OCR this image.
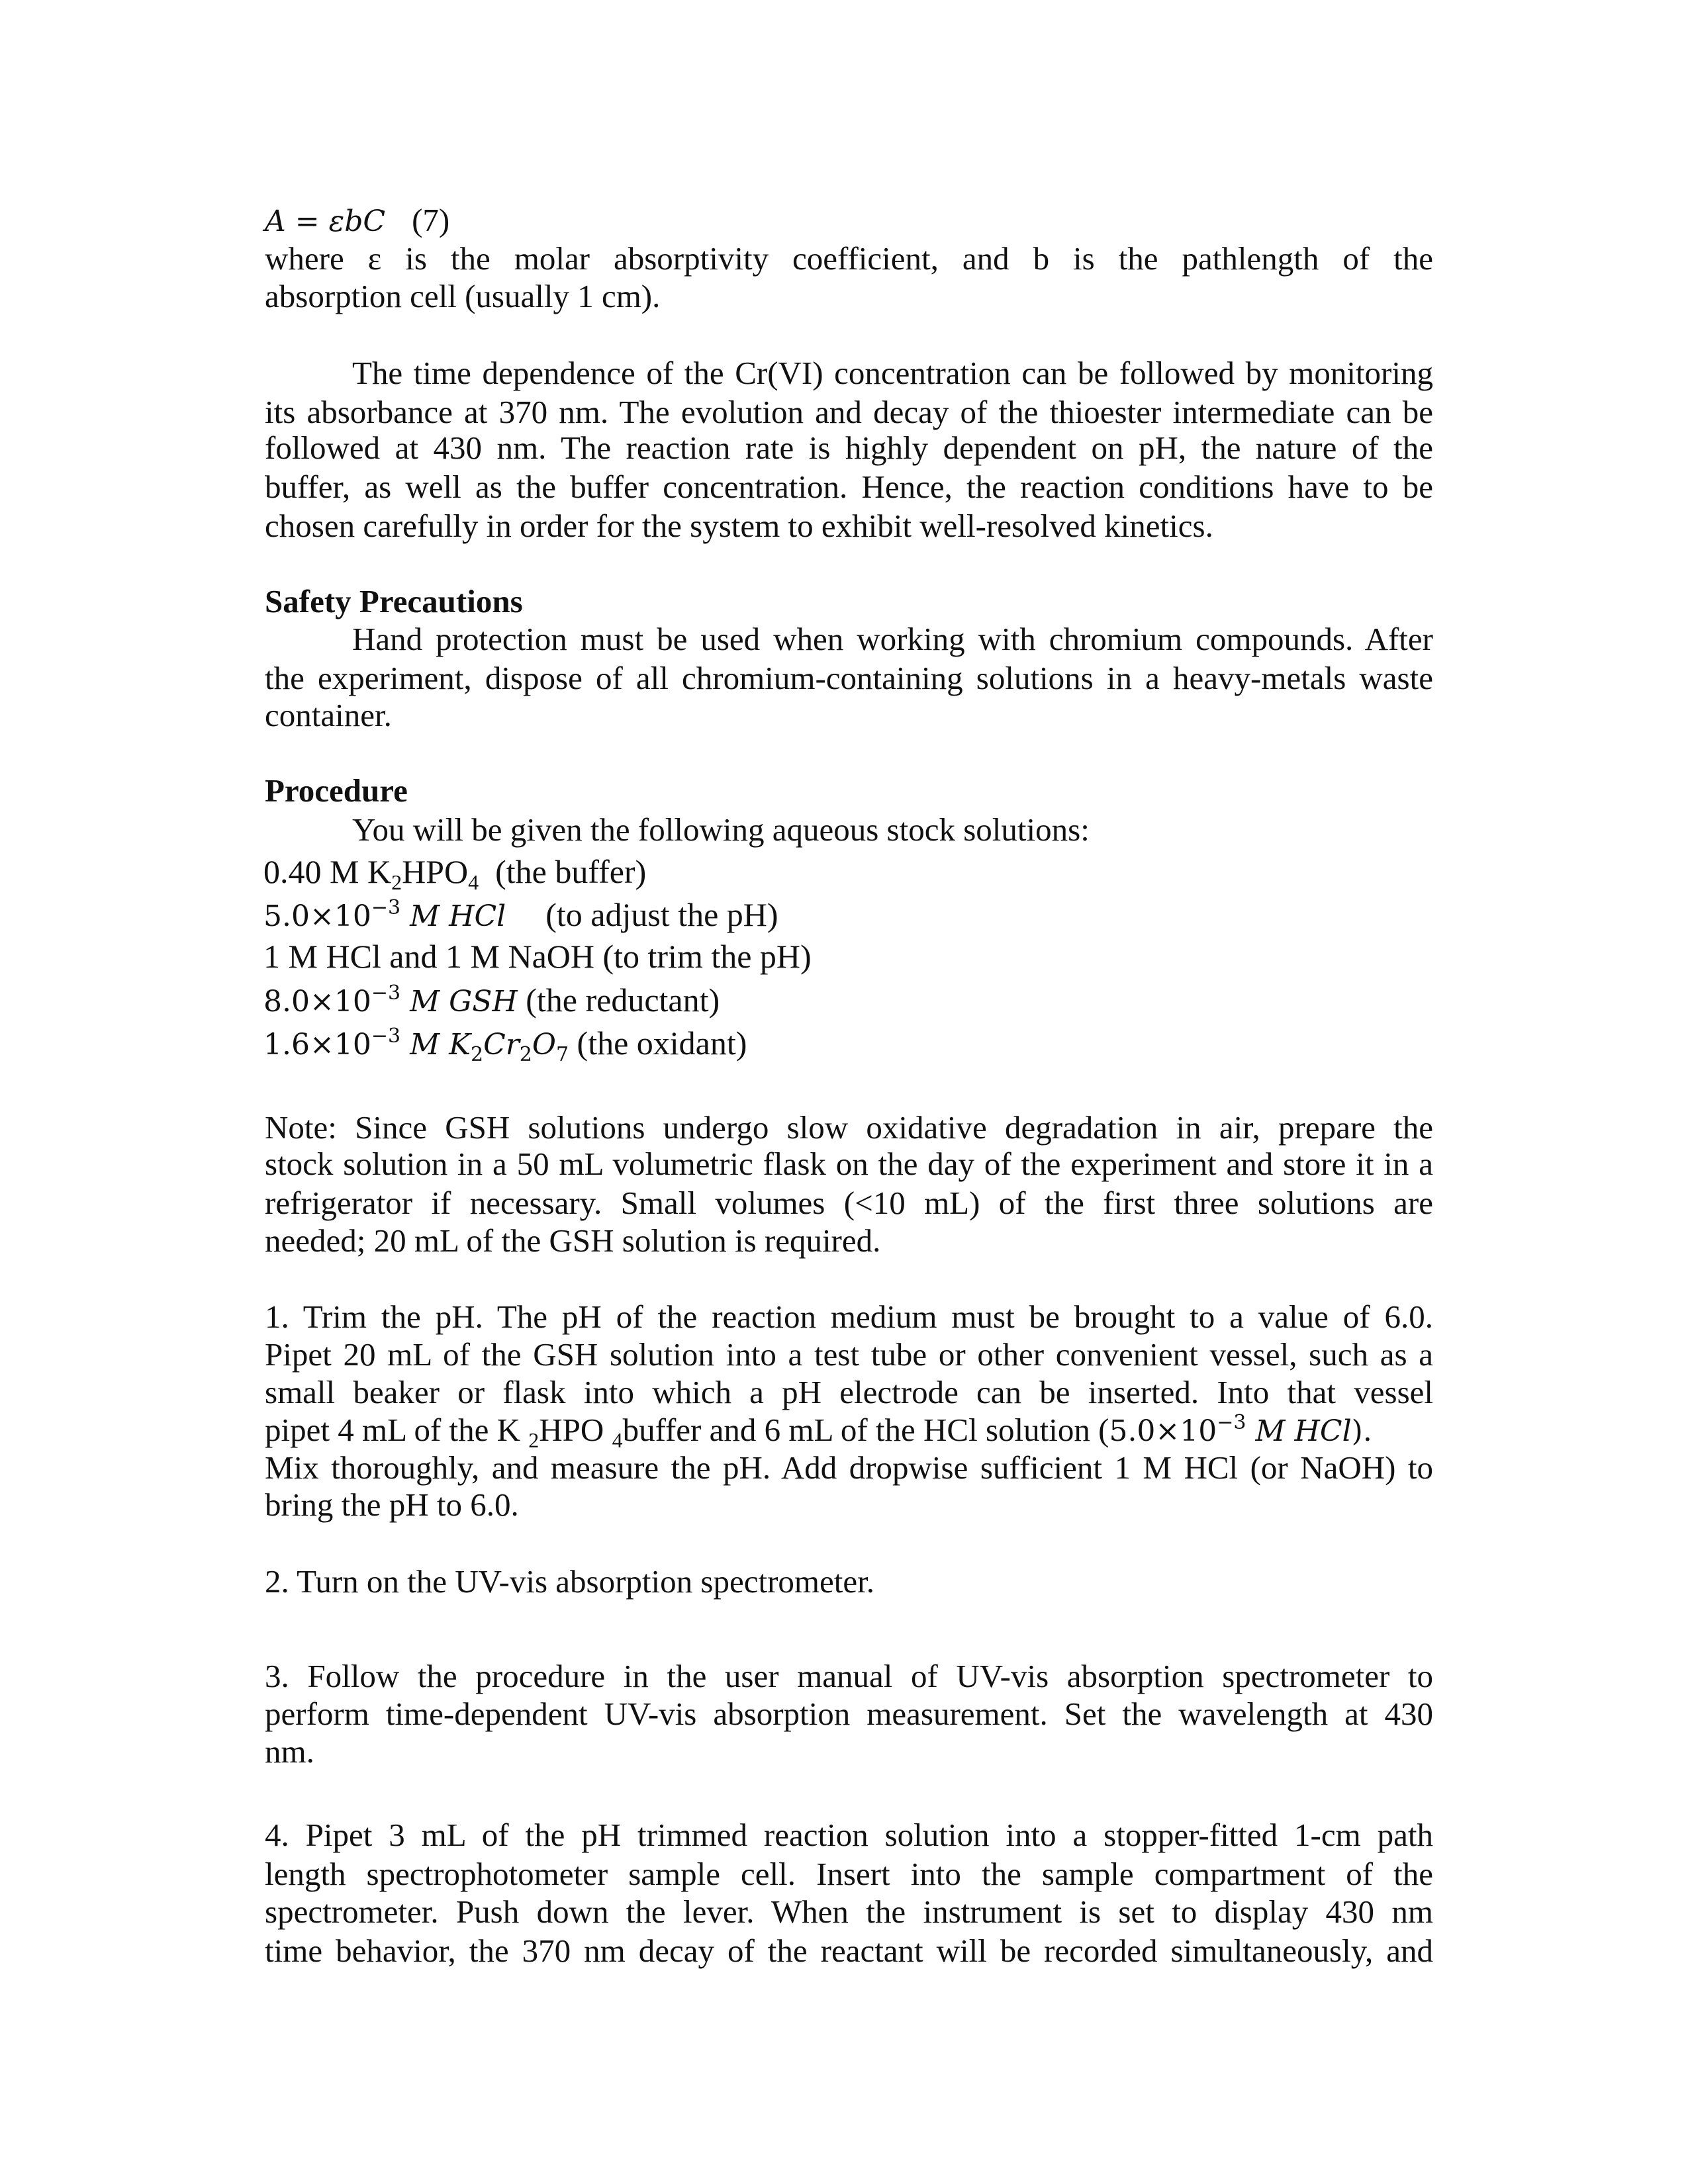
A = εbC (7)
where ε is the molar absorptivity coefficient, and b is the pathlength of the
absorption cell (usually 1 cm).
The time dependence of the Cr(VI) concentration can be followed by monitoring
its absorbance at 370 nm. The evolution and decay of the thioester intermediate can be
followed at 430 nm. The reaction rate is highly dependent on pH, the nature of the
buffer, as well as the buffer concentration. Hence, the reaction conditions have to be
chosen carefully in order for the system to exhibit well-resolved kinetics.
Safety Precautions
Hand protection must be used when working with chromium compounds. After
the experiment, dispose of all chromium-containing solutions in a heavy-metals waste
container.
Procedure
You will be given the following aqueous stock solutions:
0.40 M $K_2HPO_4$  (the buffer)
$5.0\times 10^{-3}$ M HCl (to adjust the pH)
1 M HCl and 1 M NaOH (to trim the pH)
$8.0\times 10^{-3}$ M GSH (the reductant)
$1.6\times 10^{-3}$ M $K_2Cr_2O_7$ (the oxidant)
Note: Since GSH solutions undergo slow oxidative degradation in air, prepare the
stock solution in a 50 mL volumetric flask on the day of the experiment and store it in a
refrigerator if necessary. Small volumes (<10 mL) of the first three solutions are
needed; 20 mL of the GSH solution is required.
1. Trim the pH. The pH of the reaction medium must be brought to a value of 6.0.
Pipet 20 mL of the GSH solution into a test tube or other convenient vessel, such as a
small beaker or flask into which a pH electrode can be inserted. Into that vessel
pipet 4 mL of the K $_2$HPO $_4$buffer and 6 mL of the HCl solution ($5.0\times 10^{-3}$ M HCl).
Mix thoroughly, and measure the pH. Add dropwise sufficient 1 M HCl (or NaOH) to
bring the pH to 6.0.
2. Turn on the UV-vis absorption spectrometer.
3. Follow the procedure in the user manual of UV-vis absorption spectrometer to
perform time-dependent UV-vis absorption measurement. Set the wavelength at 430
nm.
4. Pipet 3 mL of the pH trimmed reaction solution into a stopper-fitted 1-cm path
length spectrophotometer sample cell. Insert into the sample compartment of the
spectrometer. Push down the lever. When the instrument is set to display 430 nm
time behavior, the 370 nm decay of the reactant will be recorded simultaneously, and
